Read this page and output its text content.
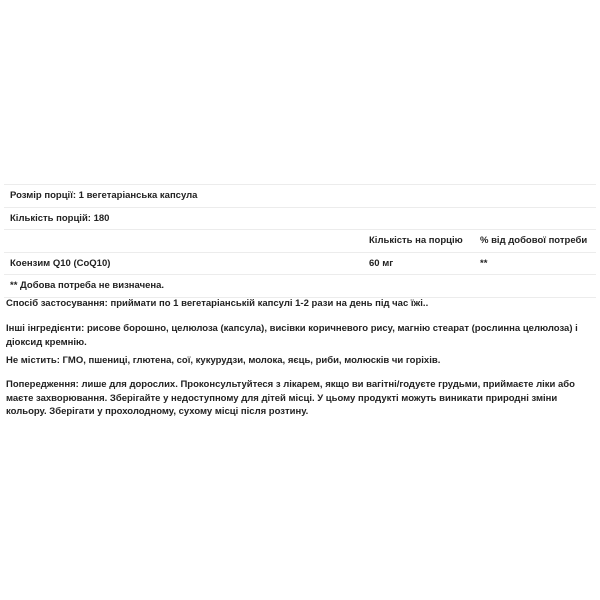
Розмір порції: 1 вегетаріанська капсула
Кількість порцій: 180
Кількість на порцію % від добової потреби
Коензим Q10 (CoQ10)	60 мг	**
** Добова потреба не визначена.

Спосіб застосування: приймати по 1 вегетаріанській капсулі 1-2 рази на день під час їжі..

Інші інгредієнти: рисове борошно, целюлоза (капсула), висівки коричневого рису, магнію стеарат (рослинна целюлоза) і діоксид кремнію.

Не містить: ГМО, пшениці, глютена, сої, кукурудзи, молока, яєць, риби, молюсків чи горіхів.

Попередження: лише для дорослих. Проконсультуйтеся з лікарем, якщо ви вагітні/годуєте грудьми, приймаєте ліки або маєте захворювання. Зберігайте у недоступному для дітей місці. У цьому продукті можуть виникати природні зміни кольору. Зберігати у прохолодному, сухому місці після розтину.
